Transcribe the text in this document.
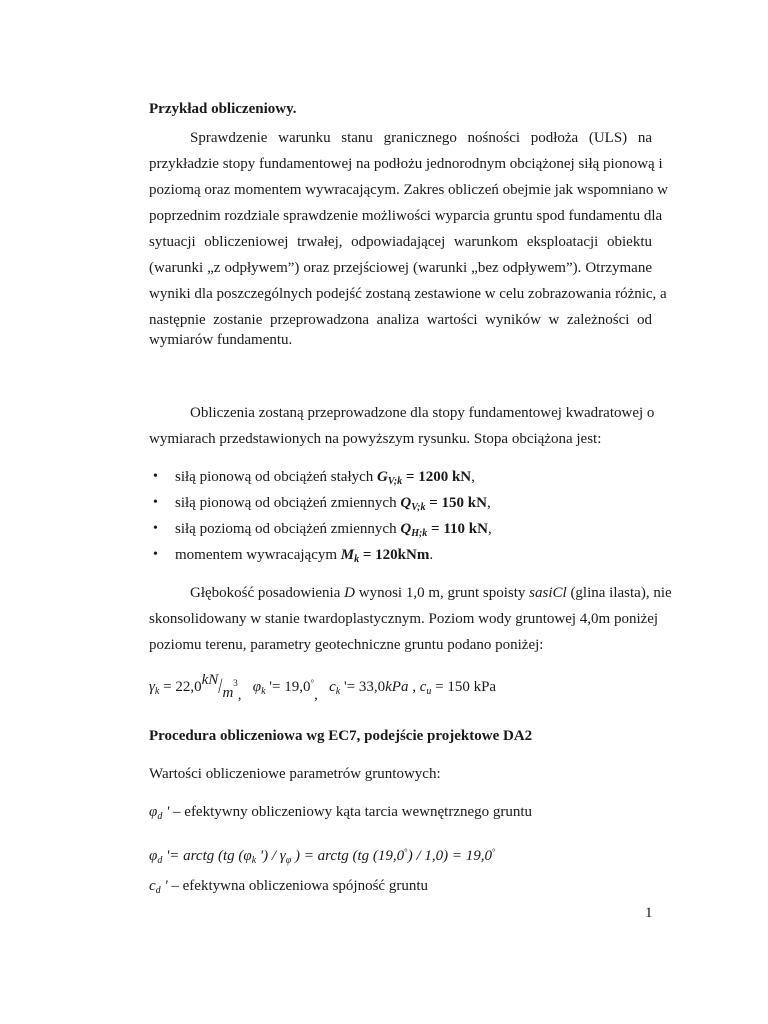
Przykład obliczeniowy.
Sprawdzenie warunku stanu granicznego nośności podłoża (ULS) na
przykładzie stopy fundamentowej na podłożu jednorodnym obciążonej siłą pionową i
poziomą oraz momentem wywracającym. Zakres obliczeń obejmie jak wspomniano w
poprzednim rozdziale sprawdzenie możliwości wyparcia gruntu spod fundamentu dla
sytuacji obliczeniowej trwałej, odpowiadającej warunkom eksploatacji obiektu
(warunki „z odpływem”) oraz przejściowej (warunki „bez odpływem”). Otrzymane
wyniki dla poszczególnych podejść zostaną zestawione w celu zobrazowania różnic, a
następnie zostanie przeprowadzona analiza wartości wyników w zależności od
wymiarów fundamentu.
Obliczenia zostaną przeprowadzone dla stopy fundamentowej kwadratowej o
wymiarach przedstawionych na powyższym rysunku. Stopa obciążona jest:
• siłą pionową od obciążeń stałych $G_{V;k} = 1200$ kN,
• siłą pionową od obciążeń zmiennych $Q_{V;k} = 150$ kN,
• siłą poziomą od obciążeń zmiennych $Q_{H;k} = 110$ kN,
• momentem wywracającym $M_k = 120kNm$.
Głębokość posadowienia D wynosi 1,0 m, grunt spoisty sasiCl (glina ilasta), nie
skonsolidowany w stanie twardoplastycznym. Poziom wody gruntowej 4,0m poniżej
poziomu terenu, parametry geotechniczne gruntu podano poniżej:
$\gamma_k = 22,0kN/m^3$, $\varphi_k$ '= 19,0°, $c_k$ '= 33,0kPa , $c_u = 150$ kPa
Procedura obliczeniowa wg EC7, podejście projektowe DA2
Wartości obliczeniowe parametrów gruntowych:
$\varphi_d$ ' – efektywny obliczeniowy kąta tarcia wewnętrznego gruntu
$\varphi_d$ '= arctg (tg ($\varphi_k$ ') / $\gamma_\varphi$ ) = arctg (tg (19,0°) / 1,0) = 19,0°
$c_d$ ' – efektywna obliczeniowa spójność gruntu
1
